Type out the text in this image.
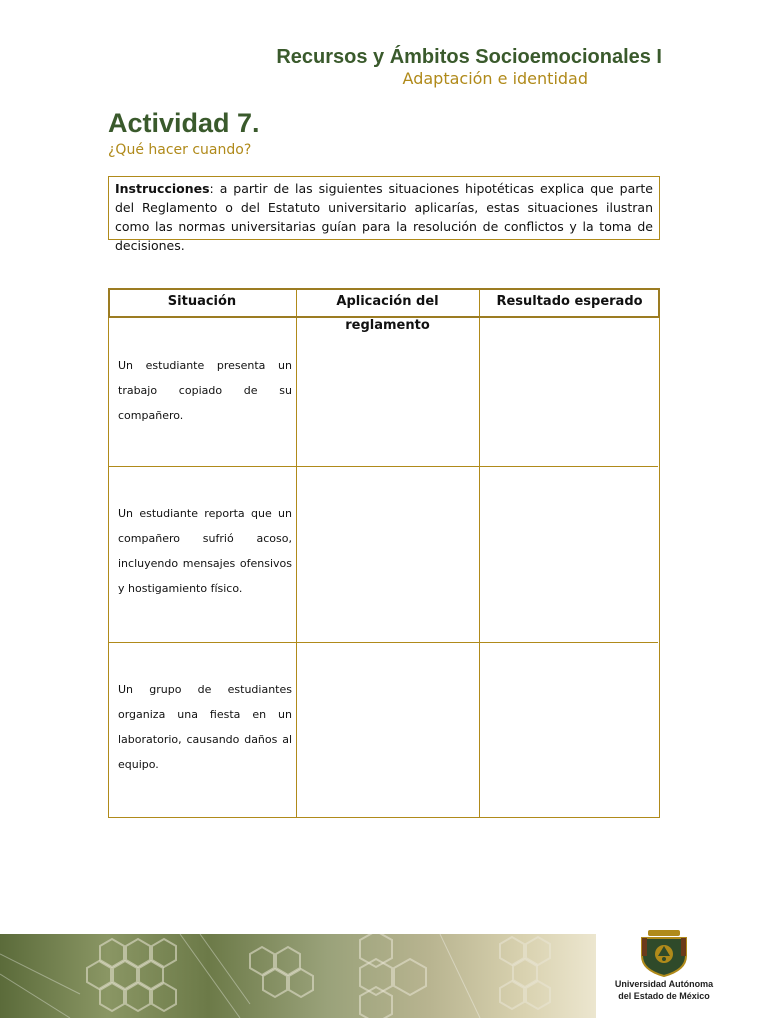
Recursos y Ámbitos Socioemocionales I
Adaptación e identidad
Actividad 7.
¿Qué hacer cuando?
Instrucciones: a partir de las siguientes situaciones hipotéticas explica que parte del Reglamento o del Estatuto universitario aplicarías, estas situaciones ilustran como las normas universitarias guían para la resolución de conflictos y la toma de decisiones.
Situación	Aplicación del reglamento
Resultado esperado
Un estudiante presenta un trabajo copiado de su compañero.
Un estudiante reporta que un compañero sufrió acoso, incluyendo mensajes ofensivos y hostigamiento físico.
Un grupo de estudiantes organiza una fiesta en un laboratorio, causando daños al equipo.
Universidad Autónoma
del Estado de México
